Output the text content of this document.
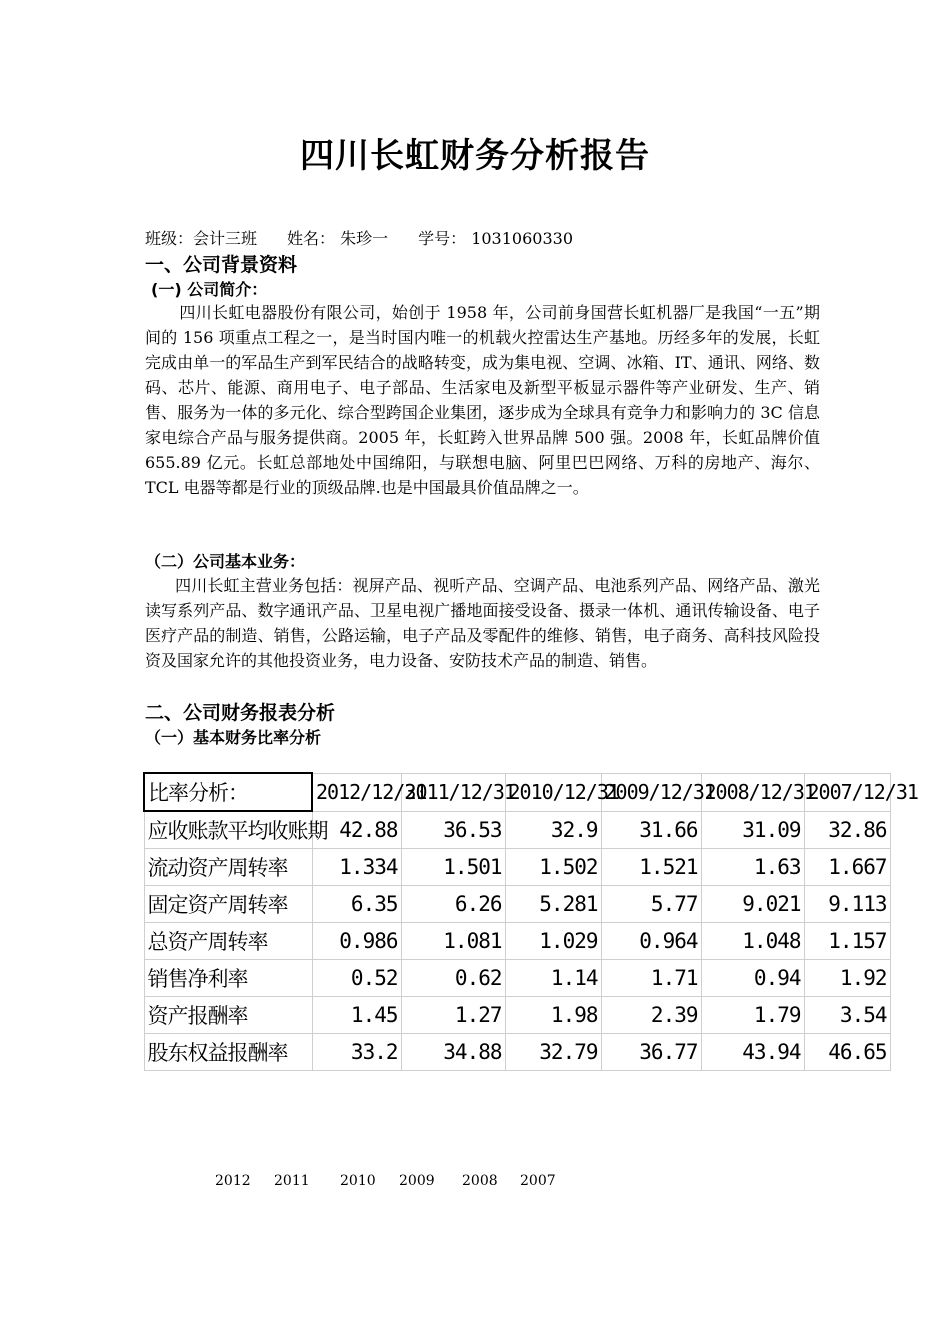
四川长虹财务分析报告
班级：会计三班 姓名： 朱珍一 学号： 1031060330
一、公司背景资料
(一) 公司简介：
四川长虹电器股份有限公司，始创于 1958 年，公司前身国营长虹机器厂是我国“一五”期间的 156 项重点工程之一，是当时国内唯一的机载火控雷达生产基地。历经多年的发展，长虹完成由单一的军品生产到军民结合的战略转变，成为集电视、空调、冰箱、IT、通讯、网络、数码、芯片、能源、商用电子、电子部品、生活家电及新型平板显示器件等产业研发、生产、销售、服务为一体的多元化、综合型跨国企业集团，逐步成为全球具有竞争力和影响力的 3C 信息家电综合产品与服务提供商。2005 年，长虹跨入世界品牌 500 强。2008 年，长虹品牌价值 655.89 亿元。长虹总部地处中国绵阳，与联想电脑、阿里巴巴网络、万科的房地产、海尔、TCL 电器等都是行业的顶级品牌.也是中国最具价值品牌之一。
（二）公司基本业务：
四川长虹主营业务包括：视屏产品、视听产品、空调产品、电池系列产品、网络产品、激光读写系列产品、数字通讯产品、卫星电视广播地面接受设备、摄录一体机、通讯传输设备、电子医疗产品的制造、销售，公路运输，电子产品及零配件的维修、销售，电子商务、高科技风险投资及国家允许的其他投资业务，电力设备、安防技术产品的制造、销售。
二、公司财务报表分析
（一）基本财务比率分析
比率分析：	2012/12/31	2011/12/31	2010/12/31	2009/12/31	2008/12/31	2007/12/31
应收账款平均收账期	42.88	36.53	32.9	31.66	31.09	32.86
流动资产周转率	1.334	1.501	1.502	1.521	1.63	1.667
固定资产周转率	6.35	6.26	5.281	5.77	9.021	9.113
总资产周转率	0.986	1.081	1.029	0.964	1.048	1.157
销售净利率	0.52	0.62	1.14	1.71	0.94	1.92
资产报酬率	1.45	1.27	1.98	2.39	1.79	3.54
股东权益报酬率	33.2	34.88	32.79	36.77	43.94	46.65
2012 2011 2010 2009 2008 2007
